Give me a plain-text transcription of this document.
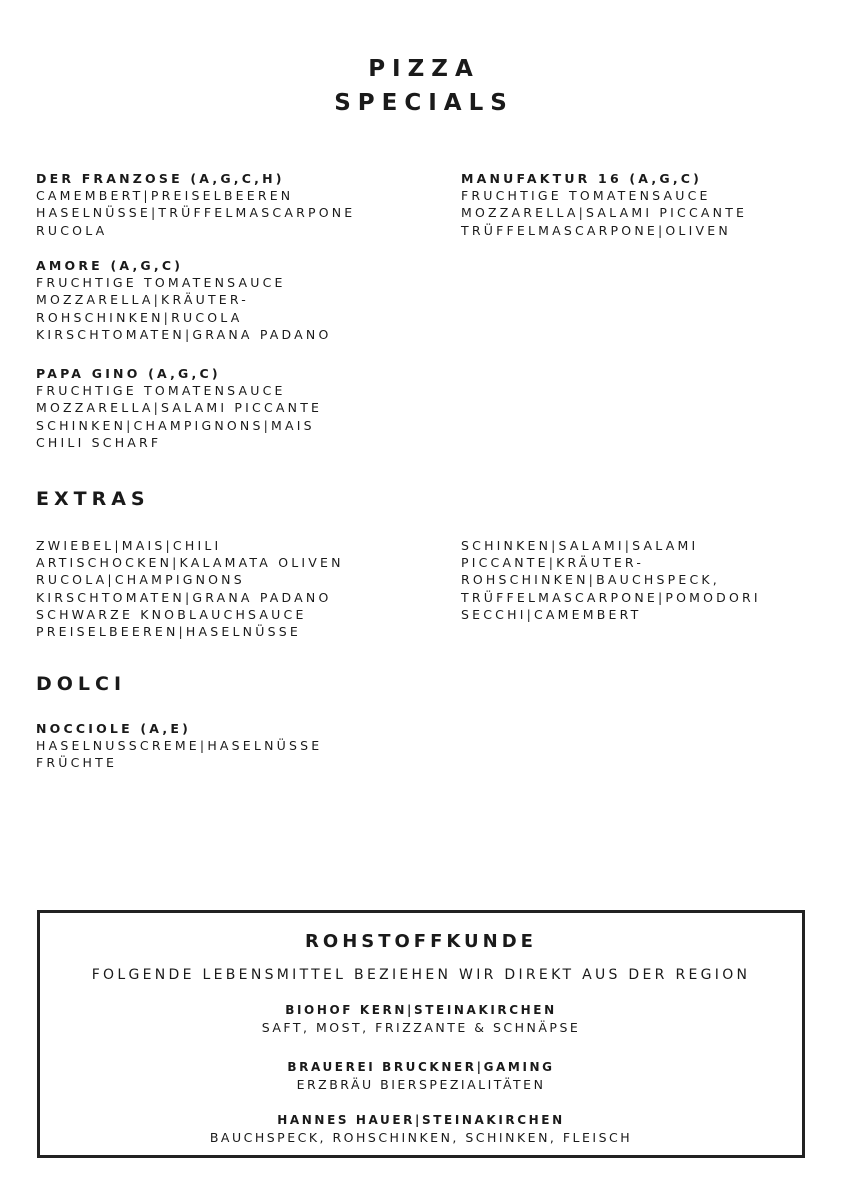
PIZZA
SPECIALS
DER FRANZOSE (A,G,C,H)
CAMEMBERT|PREISELBEEREN
HASELNÜSSE|TRÜFFELMASCARPONE
RUCOLA
AMORE (A,G,C)
FRUCHTIGE TOMATENSAUCE
MOZZARELLA|KRÄUTER-
ROHSCHINKEN|RUCOLA
KIRSCHTOMATEN|GRANA PADANO
PAPA GINO (A,G,C)
FRUCHTIGE TOMATENSAUCE
MOZZARELLA|SALAMI PICCANTE
SCHINKEN|CHAMPIGNONS|MAIS
CHILI SCHARF
MANUFAKTUR 16 (A,G,C)
FRUCHTIGE TOMATENSAUCE
MOZZARELLA|SALAMI PICCANTE
TRÜFFELMASCARPONE|OLIVEN
EXTRAS
ZWIEBEL|MAIS|CHILI
ARTISCHOCKEN|KALAMATA OLIVEN
RUCOLA|CHAMPIGNONS
KIRSCHTOMATEN|GRANA PADANO
SCHWARZE KNOBLAUCHSAUCE
PREISELBEEREN|HASELNÜSSE
SCHINKEN|SALAMI|SALAMI
PICCANTE|KRÄUTER-
ROHSCHINKEN|BAUCHSPECK,
TRÜFFELMASCARPONE|POMODORI
SECCHI|CAMEMBERT
DOLCI
NOCCIOLE (A,E)
HASELNUSSCREME|HASELNÜSSE
FRÜCHTE
ROHSTOFFKUNDE
FOLGENDE LEBENSMITTEL BEZIEHEN WIR DIREKT AUS DER REGION
BIOHOF KERN|STEINAKIRCHEN
SAFT, MOST, FRIZZANTE & SCHNÄPSE
BRAUEREI BRUCKNER|GAMING
ERZBRÄU BIERSPEZIALITÄTEN
HANNES HAUER|STEINAKIRCHEN
BAUCHSPECK, ROHSCHINKEN, SCHINKEN, FLEISCH
